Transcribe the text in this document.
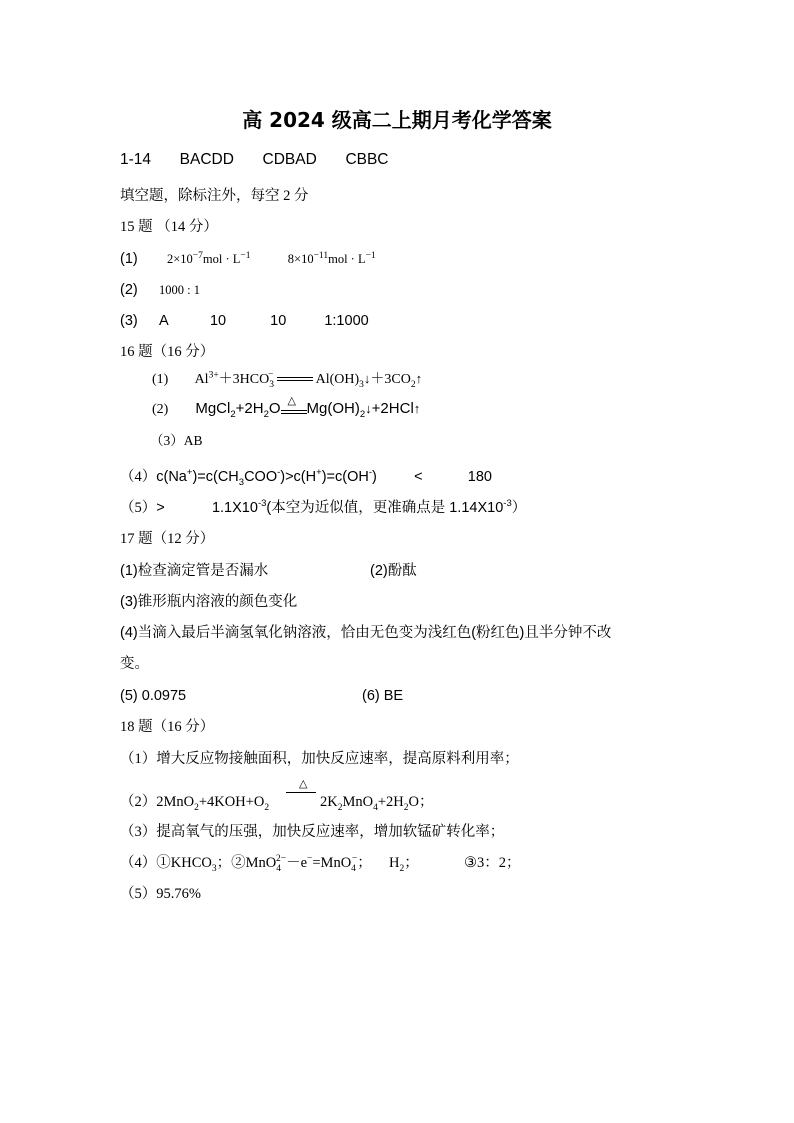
高 2024 级高二上期月考化学答案
1-14 BACDD CDBAD CBBC
填空题，除标注外，每空 2 分
15 题 （14 分）
(1) $2\times 10^{-7}mol \cdot L^{-1}$	$8\times 10^{-11}mol \cdot L^{-1}$
(2) 1000 : 1
(3) A	10	10	1:1000
16 题（16 分）
(1) $Al^{3+}+3HCO_3^-$	$Al(OH)_3↓+3CO_2↑$
(2) $MgCl_2+2H_2O$ △ $Mg(OH)_2↓+2HCl↑$
（3）AB
$(4)c(Na^+)=c(CH_3COO^-)>c(H^+)=c(OH^-)$	<	180
（5）>	$1.1X10^{-3}$(本空为近似值，更准确点是 $1.14X10^{-3}$）
17 题（12 分）
(1)检查滴定管是否漏水	(2)酚酞
(3)锥形瓶内溶液的颜色变化
(4)当滴入最后半滴氢氧化钠溶液，恰由无色变为浅红色(粉红色)且半分钟不改
变。
(5) 0.0975	(6) BE
18 题（16 分）
（1）增大反应物接触面积，加快反应速率，提高原料利用率；
$(2)2MnO_2+4KOH+O_2$
△
$2K_2MnO_4+2H_2O$；
（3）提高氧气的压强，加快反应速率，增加软锰矿转化率；
$(4)①KHCO_3$；②MnO$_4^{2-}$－e−=MnO$_4$−； $H_2$；	③3：2；
（5）95.76%
